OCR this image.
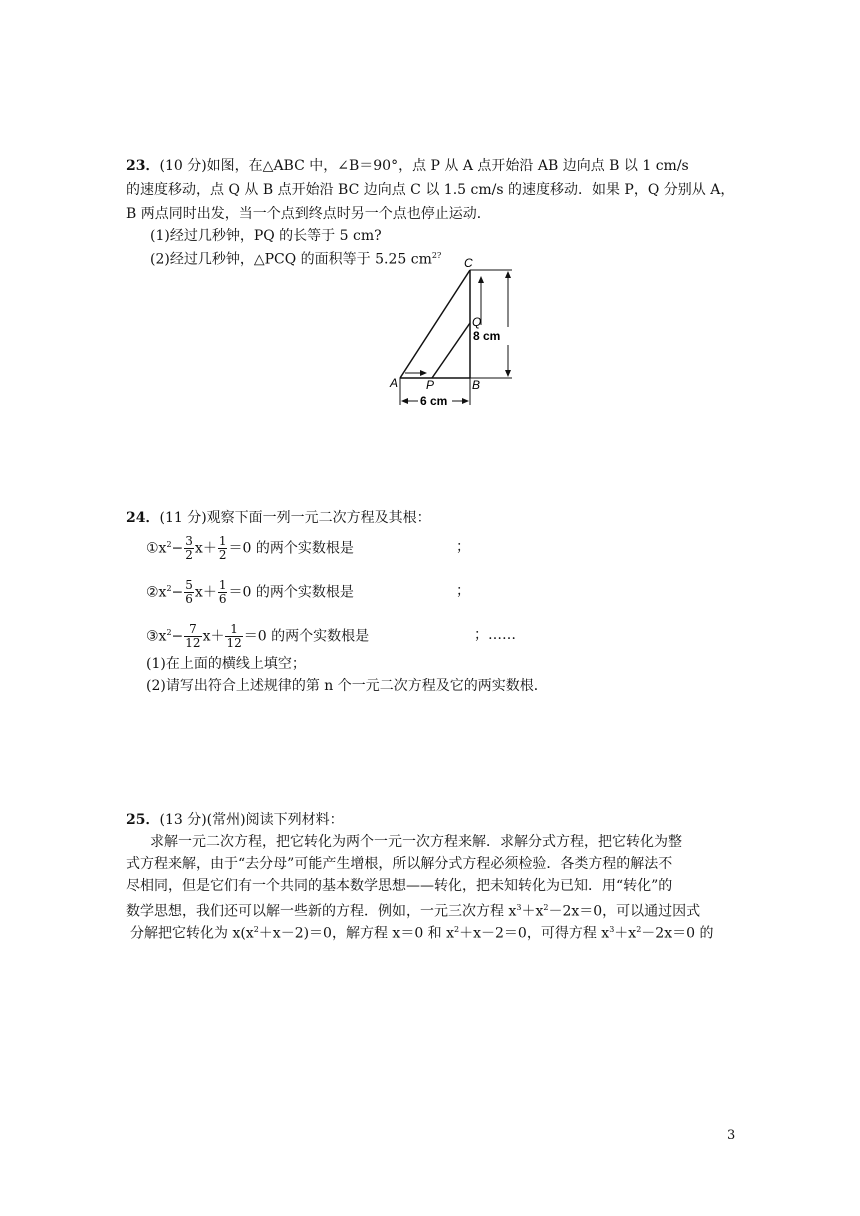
23．(10 分)如图，在△ABC 中，∠B＝90°，点 P 从 A 点开始沿 AB 边向点 B 以 1 cm/s
的速度移动，点 Q 从 B 点开始沿 BC 边向点 C 以 1.5 cm/s 的速度移动．如果 P，Q 分别从 A，
B 两点同时出发，当一个点到终点时另一个点也停止运动．
(1)经过几秒钟，PQ 的长等于 5 cm?
(2)经过几秒钟，△PCQ 的面积等于 5.25 $cm^{2?}$
C
Q
A P	B
6 cm
8 cm
24．(11 分)观察下面一列一元二次方程及其根：
$①x^2- \frac{3}{2} x+ \frac{1}{2} =0$ 的两个实数根是	；
$②x^2- \frac{5}{6} x+ \frac{1}{6} =0$ 的两个实数根是	；
$③x^2- \frac{7}{12} x+ \frac{1}{12} =0$ 的两个实数根是	；……
(1)在上面的横线上填空；
(2)请写出符合上述规律的第 n 个一元二次方程及它的两实数根．
25．(13 分)(常州)阅读下列材料：
求解一元二次方程，把它转化为两个一元一次方程来解．求解分式方程，把它转化为整
式方程来解，由于“去分母”可能产生增根，所以解分式方程必须检验．各类方程的解法不
尽相同，但是它们有一个共同的基本数学思想——转化，把未知转化为已知．用“转化”的
数学思想，我们还可以解一些新的方程．例如，一元三次方程 $x^3+x^2-2x=0$，可以通过因式
分解把它转化为 $x(x^2+x-2)=0$，解方程 x＝0 和 $x^2+x-2=0$，可得方程 $x^3+x^2-2x=0$ 的
3
